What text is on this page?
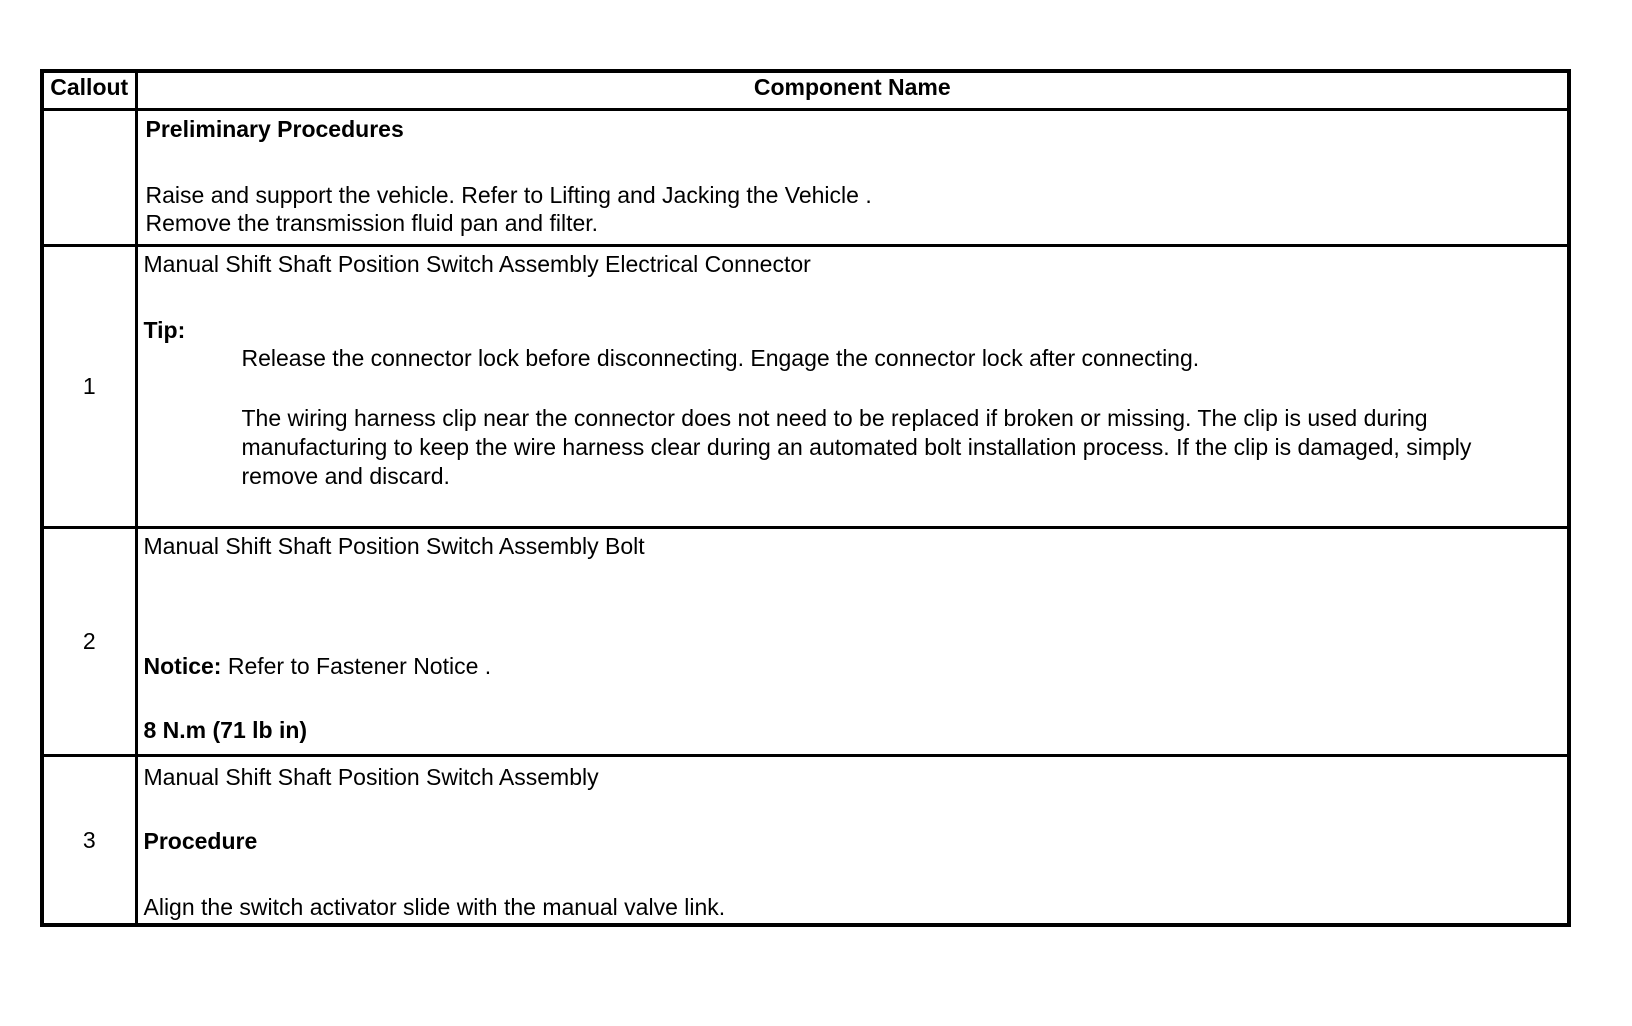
Callout	Component Name

	Preliminary Procedures
Raise and support the vehicle. Refer to Lifting and Jacking the Vehicle .
Remove the transmission fluid pan and filter.

1	Manual Shift Shaft Position Switch Assembly Electrical Connector
Tip:
Release the connector lock before disconnecting. Engage the connector lock after connecting.
The wiring harness clip near the connector does not need to be replaced if broken or missing. The clip is used during manufacturing to keep the wire harness clear during an automated bolt installation process. If the clip is damaged, simply remove and discard.

2	Manual Shift Shaft Position Switch Assembly Bolt
Notice: Refer to Fastener Notice .
8 N.m (71 lb in)

3	Manual Shift Shaft Position Switch Assembly
Procedure
Align the switch activator slide with the manual valve link.
